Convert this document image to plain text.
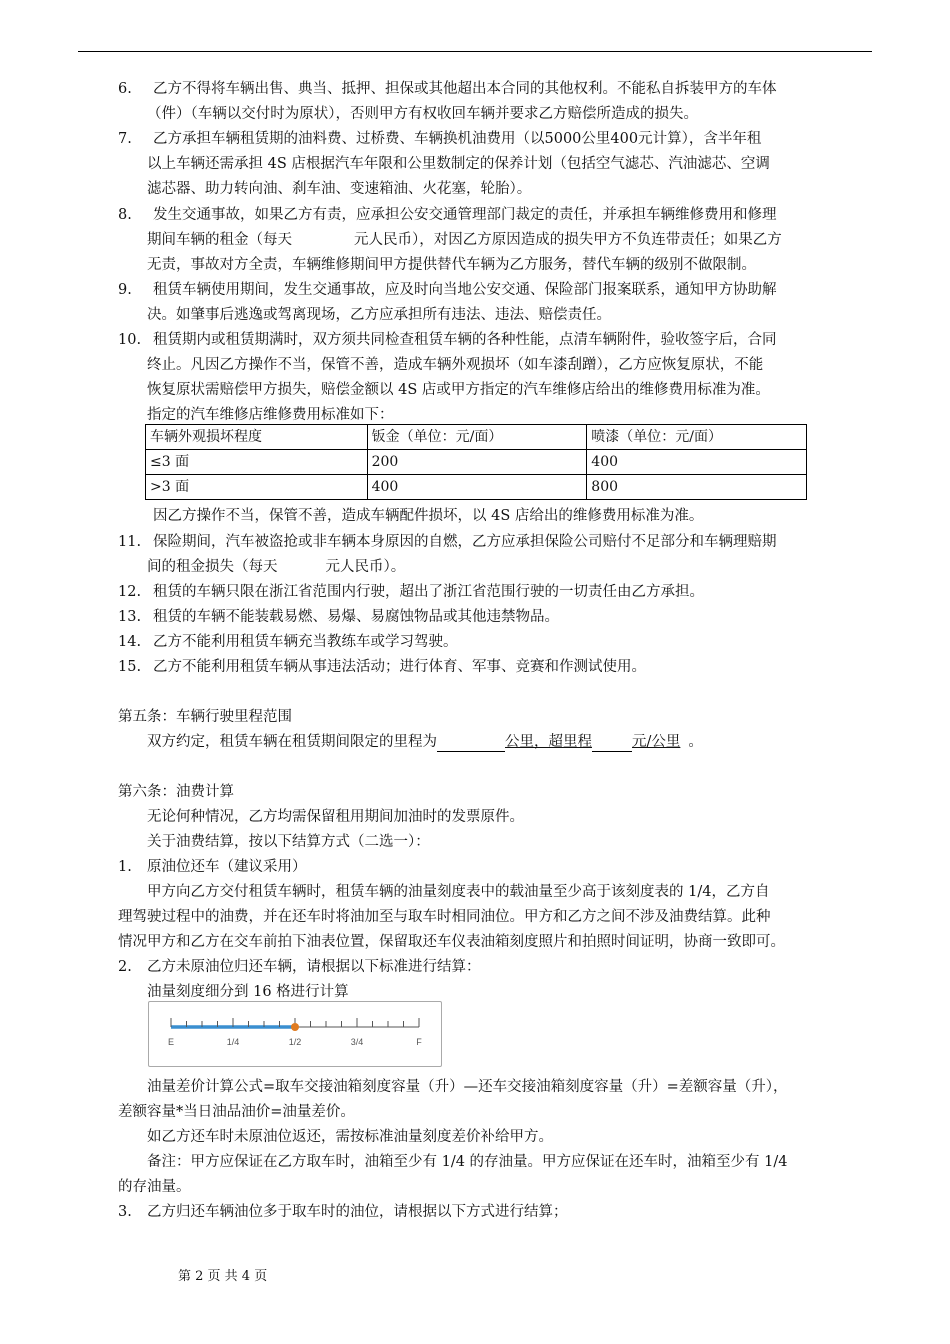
6. 乙方不得将车辆出售、典当、抵押、担保或其他超出本合同的其他权利。不能私自拆装甲方的车体
（件）（车辆以交付时为原状），否则甲方有权收回车辆并要求乙方赔偿所造成的损失。
7. 乙方承担车辆租赁期的油料费、过桥费、车辆换机油费用（以5000公里400元计算），含半年租
以上车辆还需承担 4S 店根据汽车年限和公里数制定的保养计划（包括空气滤芯、汽油滤芯、空调
滤芯器、助力转向油、刹车油、变速箱油、火花塞，轮胎）。
8. 发生交通事故，如果乙方有责，应承担公安交通管理部门裁定的责任，并承担车辆维修费用和修理
期间车辆的租金（每天	元人民币），对因乙方原因造成的损失甲方不负连带责任；如果乙方
无责，事故对方全责，车辆维修期间甲方提供替代车辆为乙方服务，替代车辆的级别不做限制。
9. 租赁车辆使用期间，发生交通事故，应及时向当地公安交通、保险部门报案联系，通知甲方协助解
决。如肇事后逃逸或驾离现场，乙方应承担所有违法、违法、赔偿责任。
10. 租赁期内或租赁期满时，双方须共同检查租赁车辆的各种性能，点清车辆附件，验收签字后，合同
终止。凡因乙方操作不当，保管不善，造成车辆外观损坏（如车漆刮蹭），乙方应恢复原状，不能
恢复原状需赔偿甲方损失，赔偿金额以 4S 店或甲方指定的汽车维修店给出的维修费用标准为准。
指定的汽车维修店维修费用标准如下：
车辆外观损坏程度	钣金（单位：元/面）	喷漆（单位：元/面）
≤3 面	200	400
>3 面	400	800
因乙方操作不当，保管不善，造成车辆配件损坏，以 4S 店给出的维修费用标准为准。
11. 保险期间，汽车被盗抢或非车辆本身原因的自燃，乙方应承担保险公司赔付不足部分和车辆理赔期
间的租金损失（每天	元人民币）。
12. 租赁的车辆只限在浙江省范围内行驶，超出了浙江省范围行驶的一切责任由乙方承担。
13. 租赁的车辆不能装载易燃、易爆、易腐蚀物品或其他违禁物品。
14. 乙方不能利用租赁车辆充当教练车或学习驾驶。
15. 乙方不能利用租赁车辆从事违法活动；进行体育、军事、竞赛和作测试使用。
第五条：车辆行驶里程范围
双方约定，租赁车辆在租赁期间限定的里程为	公里，超里程	元/公里 。
第六条：油费计算
无论何种情况，乙方均需保留租用期间加油时的发票原件。
关于油费结算，按以下结算方式（二选一）：
1. 原油位还车（建议采用）
甲方向乙方交付租赁车辆时，租赁车辆的油量刻度表中的载油量至少高于该刻度表的 1/4，乙方自
理驾驶过程中的油费，并在还车时将油加至与取车时相同油位。甲方和乙方之间不涉及油费结算。此种
情况甲方和乙方在交车前拍下油表位置，保留取还车仪表油箱刻度照片和拍照时间证明，协商一致即可。
2. 乙方未原油位归还车辆，请根据以下标准进行结算：
油量刻度细分到 16 格进行计算
E	1/4	1/2	3/4	F
油量差价计算公式=取车交接油箱刻度容量（升）—还车交接油箱刻度容量（升）=差额容量（升），
差额容量*当日油品油价=油量差价。
如乙方还车时未原油位返还，需按标准油量刻度差价补给甲方。
备注：甲方应保证在乙方取车时，油箱至少有 1/4 的存油量。甲方应保证在还车时，油箱至少有 1/4
的存油量。
3. 乙方归还车辆油位多于取车时的油位，请根据以下方式进行结算；
第 2 页 共 4 页
